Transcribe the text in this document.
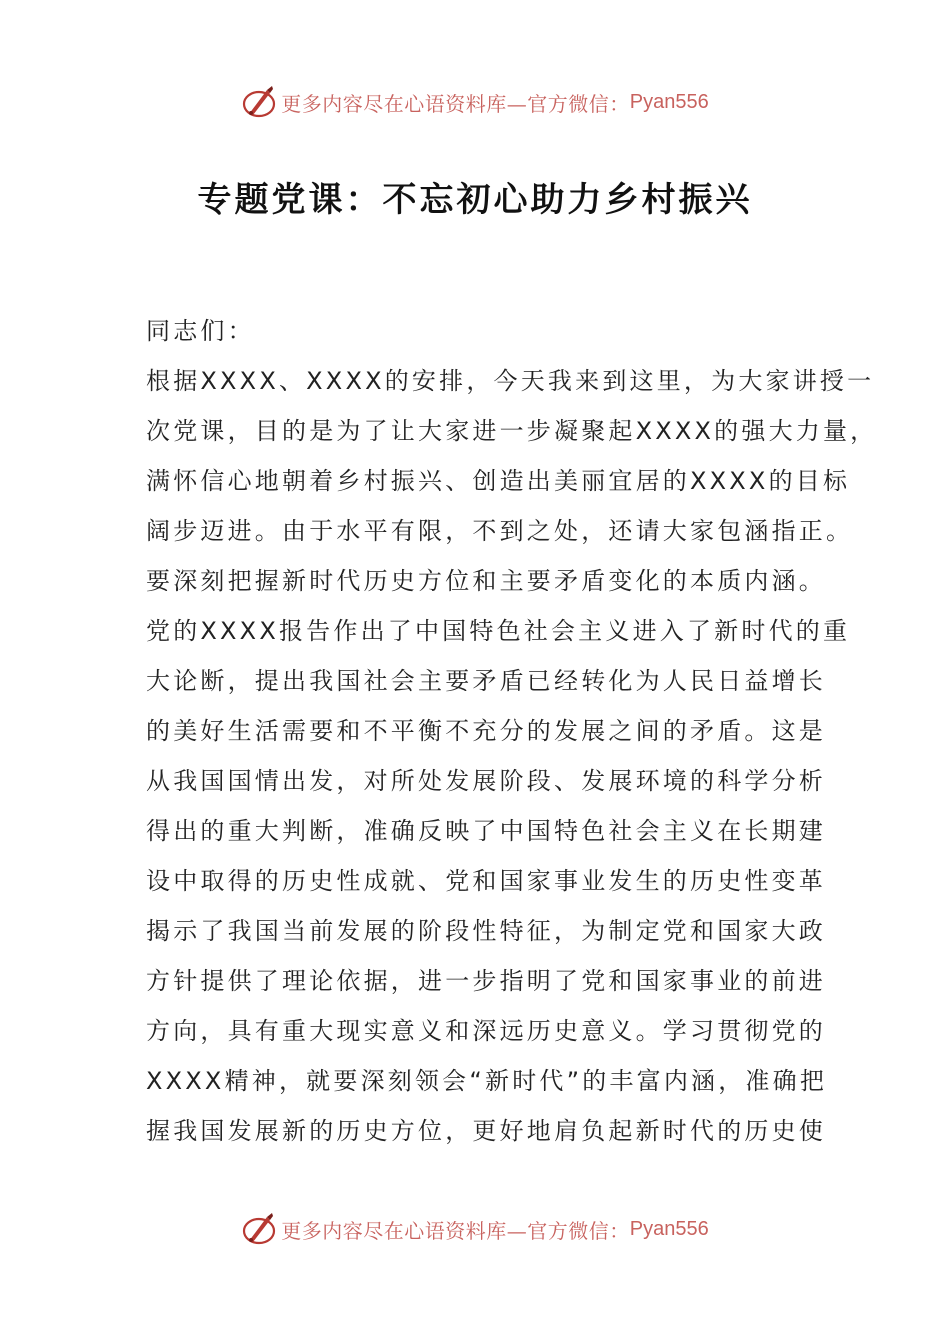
更多内容尽在心语资料库—官方微信： Pyan556
专题党课：不忘初心助力乡村振兴
同志们：
根据XXXX、XXXX的安排，今天我来到这里，为大家讲授一
次党课，目的是为了让大家进一步凝聚起XXXX的强大力量，
满怀信心地朝着乡村振兴、创造出美丽宜居的XXXX的目标
阔步迈进。由于水平有限，不到之处，还请大家包涵指正。
要深刻把握新时代历史方位和主要矛盾变化的本质内涵。
党的XXXX报告作出了中国特色社会主义进入了新时代的重
大论断，提出我国社会主要矛盾已经转化为人民日益增长
的美好生活需要和不平衡不充分的发展之间的矛盾。这是
从我国国情出发，对所处发展阶段、发展环境的科学分析
得出的重大判断，准确反映了中国特色社会主义在长期建
设中取得的历史性成就、党和国家事业发生的历史性变革
揭示了我国当前发展的阶段性特征，为制定党和国家大政
方针提供了理论依据，进一步指明了党和国家事业的前进
方向，具有重大现实意义和深远历史意义。学习贯彻党的
XXXX精神，就要深刻领会“新时代”的丰富内涵，准确把
握我国发展新的历史方位，更好地肩负起新时代的历史使
更多内容尽在心语资料库—官方微信： Pyan556
